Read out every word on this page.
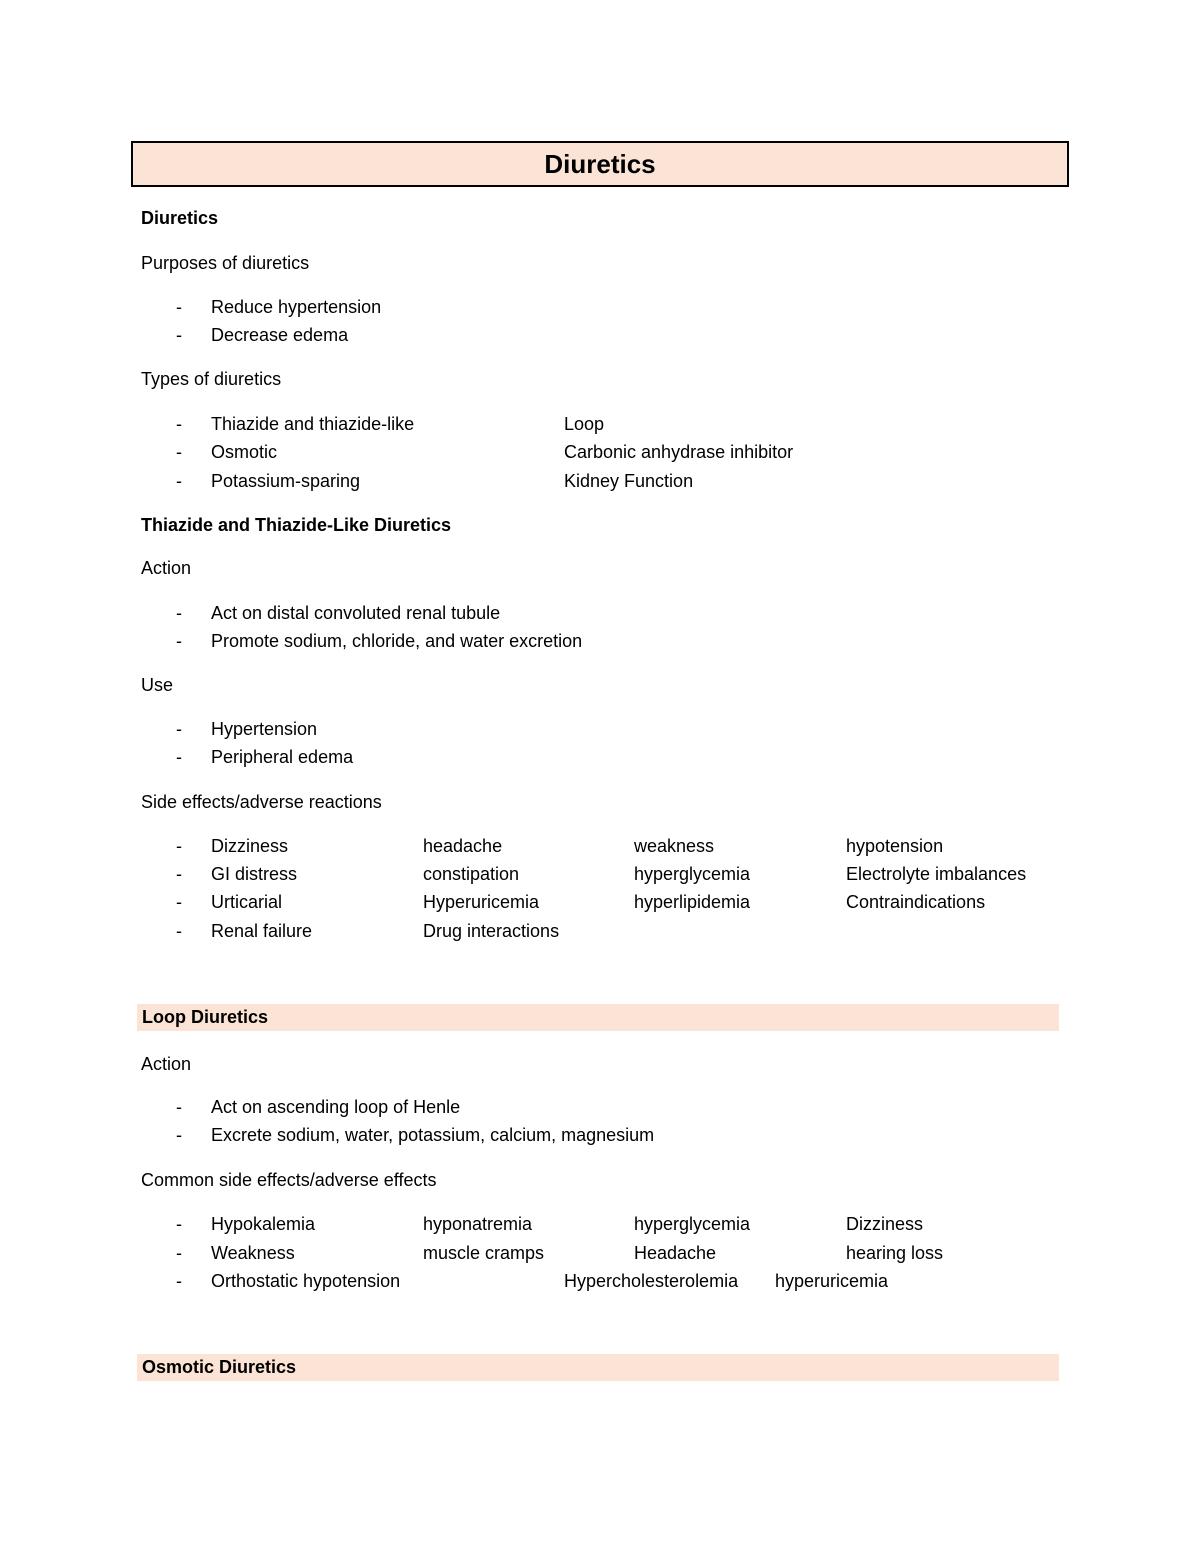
Diuretics
Diuretics
Purposes of diuretics
- Reduce hypertension
- Decrease edema
Types of diuretics
- Thiazide and thiazide-like	Loop
- Osmotic	Carbonic anhydrase inhibitor
- Potassium-sparing	Kidney Function
Thiazide and Thiazide-Like Diuretics
Action
- Act on distal convoluted renal tubule
- Promote sodium, chloride, and water excretion
Use
- Hypertension
- Peripheral edema
Side effects/adverse reactions
- Dizziness	headache	weakness	hypotension
- GI distress	constipation	hyperglycemia	Electrolyte imbalances
- Urticarial	Hyperuricemia	hyperlipidemia	Contraindications
- Renal failure	Drug interactions
Loop Diuretics
Action
- Act on ascending loop of Henle
- Excrete sodium, water, potassium, calcium, magnesium
Common side effects/adverse effects
- Hypokalemia	hyponatremia	hyperglycemia	Dizziness
- Weakness	muscle cramps	Headache	hearing loss
- Orthostatic hypotension	Hypercholesterolemia hyperuricemia
Osmotic Diuretics
